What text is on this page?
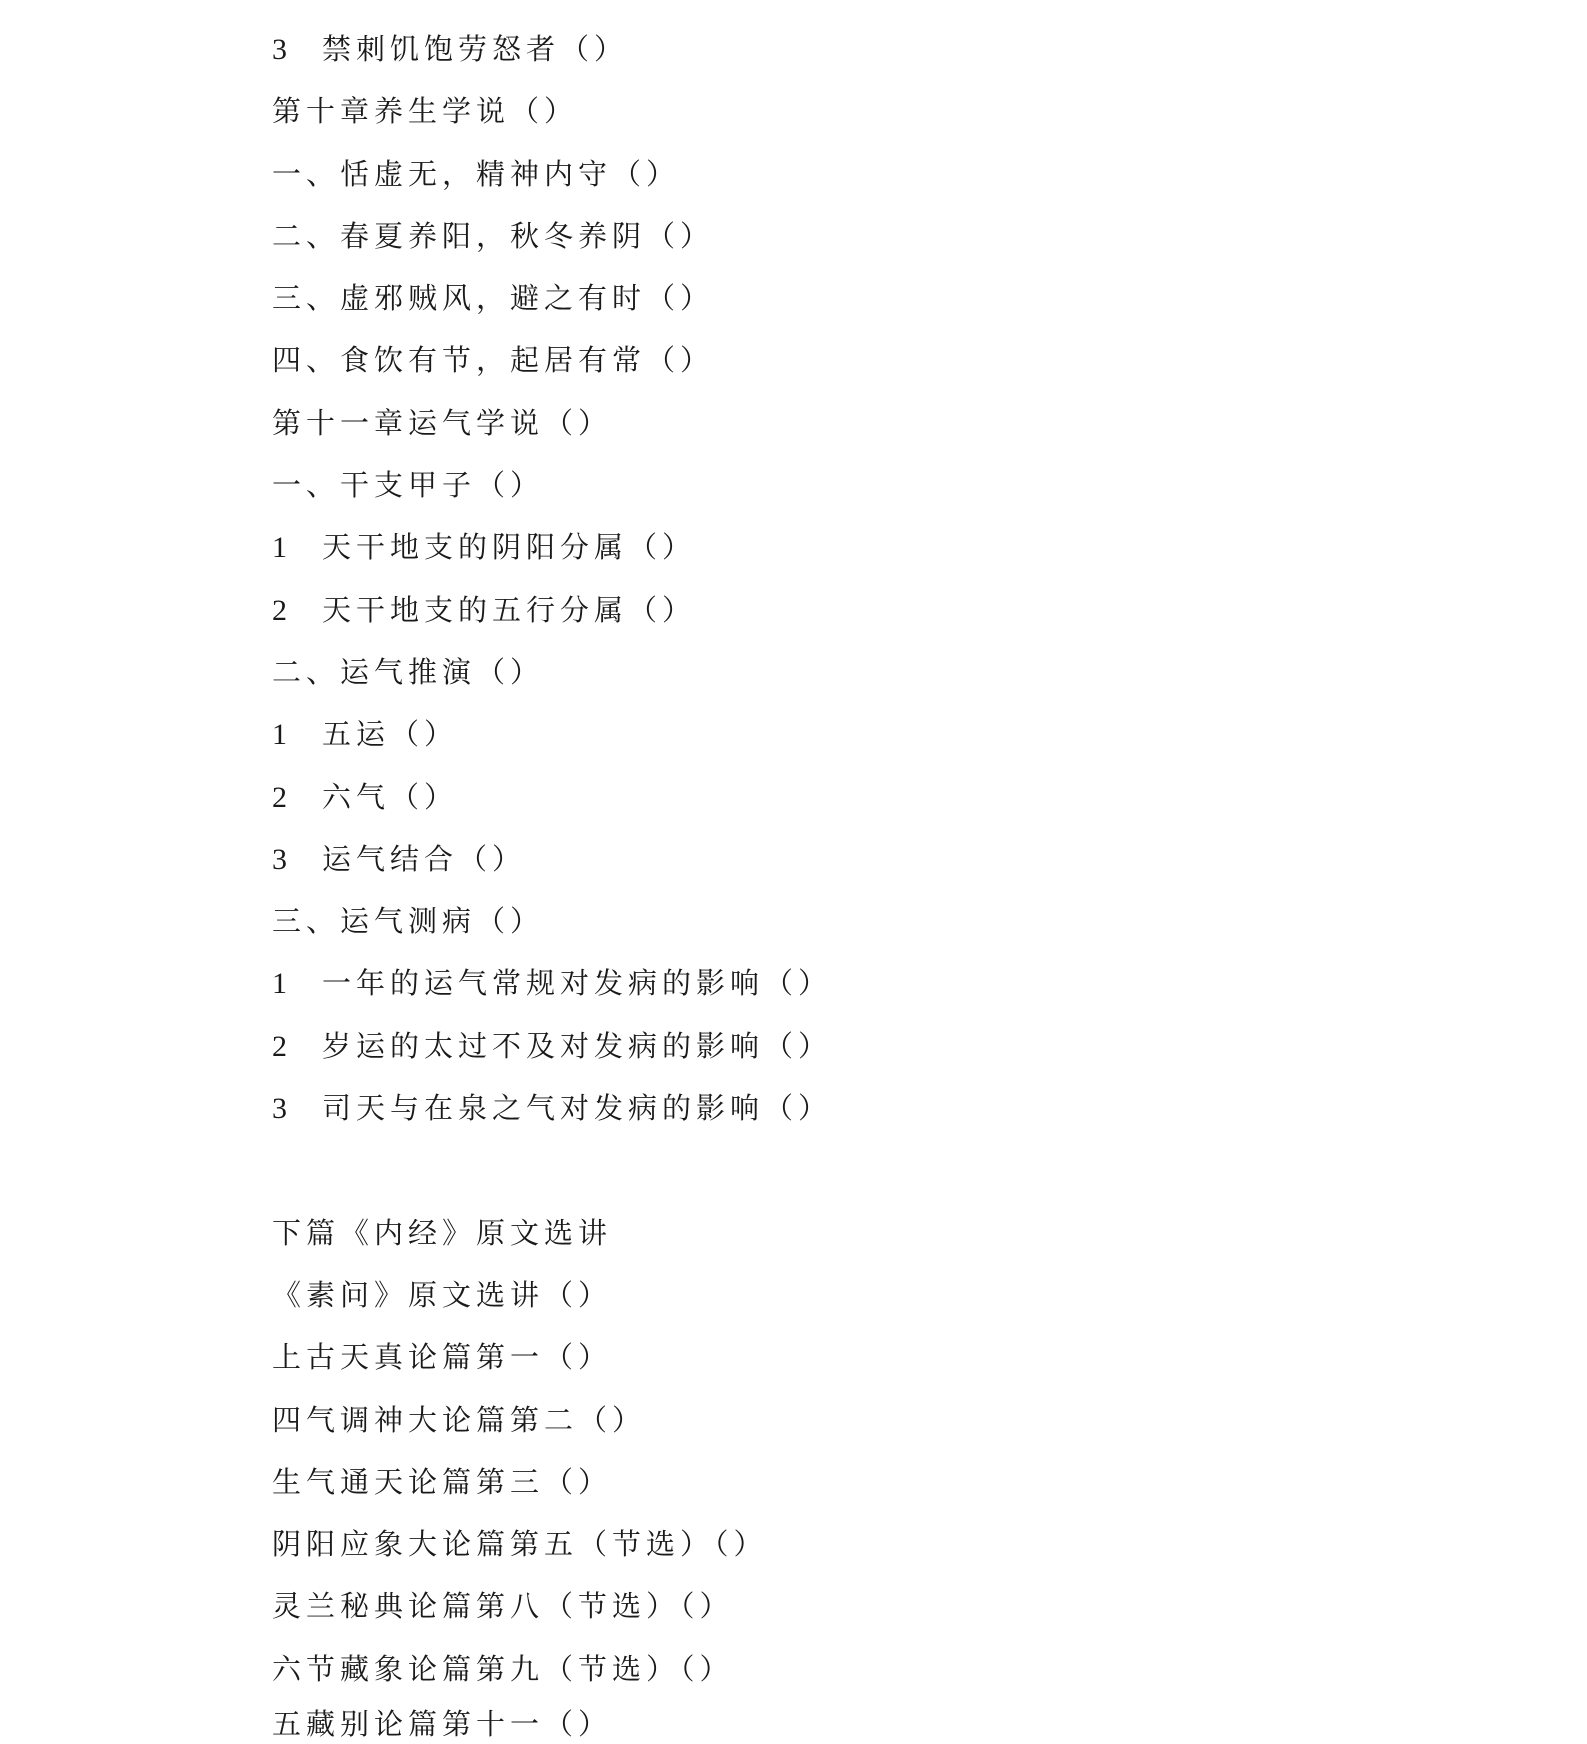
3	禁刺饥饱劳怒者（）
第十章养生学说（）
一、恬虚无，精神内守（）
二、春夏养阳，秋冬养阴（）
三、虚邪贼风，避之有时（）
四、食饮有节，起居有常（）
第十一章运气学说（）
一、干支甲子（）
1	天干地支的阴阳分属（）
2	天干地支的五行分属（）
二、运气推演（）
1	五运（）
2	六气（）
3	运气结合（）
三、运气测病（）
1	一年的运气常规对发病的影响（）
2	岁运的太过不及对发病的影响（）
3	司天与在泉之气对发病的影响（）
下篇《内经》原文选讲
《素问》原文选讲（）
上古天真论篇第一（）
四气调神大论篇第二（）
生气通天论篇第三（）
阴阳应象大论篇第五（节选）（）
灵兰秘典论篇第八（节选）（）
六节藏象论篇第九（节选）（）
五藏别论篇第十一（）
